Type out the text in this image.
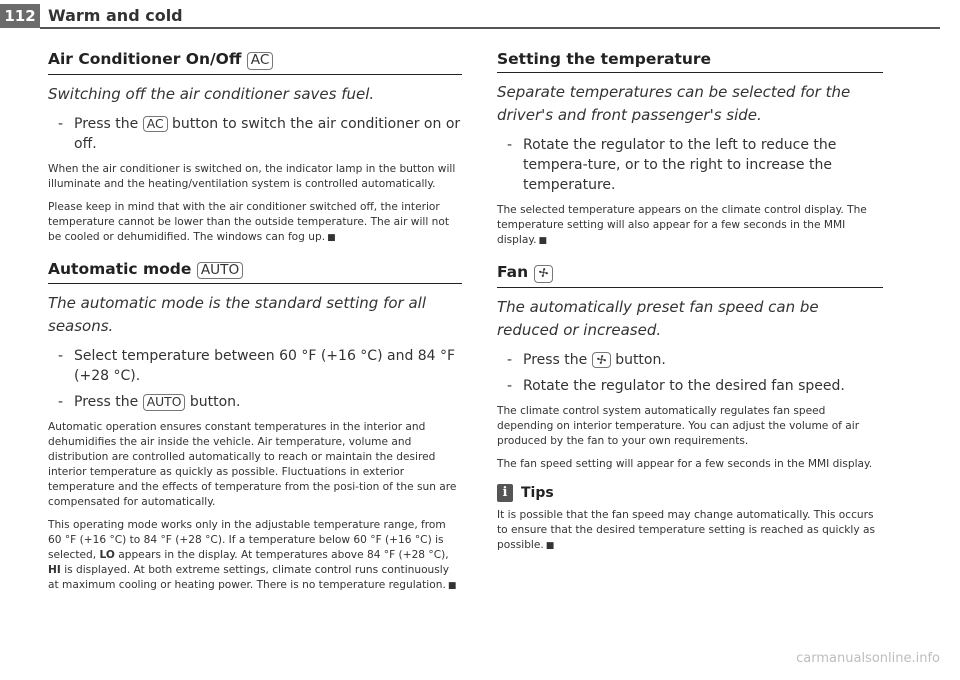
112 Warm and cold
Air Conditioner On/Off AC

Switching off the air conditioner saves fuel.

- Press the AC button to switch the air conditioner on or off.

When the air conditioner is switched on, the indicator lamp in the button will illuminate and the heating/ventilation system is controlled automatically.

Please keep in mind that with the air conditioner switched off, the interior temperature cannot be lower than the outside temperature. The air will not be cooled or dehumidified. The windows can fog up. ■

Automatic mode AUTO

The automatic mode is the standard setting for all seasons.

- Select temperature between 60 °F (+16 °C) and 84 °F (+28 °C).
- Press the AUTO button.

Automatic operation ensures constant temperatures in the interior and dehumidifies the air inside the vehicle. Air temperature, volume and distribution are controlled automatically to reach or maintain the desired interior temperature as quickly as possible. Fluctuations in exterior temperature and the effects of temperature from the posi-tion of the sun are compensated for automatically.

This operating mode works only in the adjustable temperature range, from 60 °F (+16 °C) to 84 °F (+28 °C). If a temperature below 60 °F (+16 °C) is selected, LO appears in the display. At temperatures above 84 °F (+28 °C), HI is displayed. At both extreme settings, climate control runs continuously at maximum cooling or heating power. There is no temperature regulation. ■

Setting the temperature

Separate temperatures can be selected for the driver's and front passenger's side.

- Rotate the regulator to the left to reduce the tempera-ture, or to the right to increase the temperature.

The selected temperature appears on the climate control display. The temperature setting will also appear for a few seconds in the MMI display. ■

Fan

The automatically preset fan speed can be reduced or increased.

- Press the button.
- Rotate the regulator to the desired fan speed.

The climate control system automatically regulates fan speed depending on interior temperature. You can adjust the volume of air produced by the fan to your own requirements.

The fan speed setting will appear for a few seconds in the MMI display.

i Tips

It is possible that the fan speed may change automatically. This occurs to ensure that the desired temperature setting is reached as quickly as possible. ■

carmanualsonline.info
